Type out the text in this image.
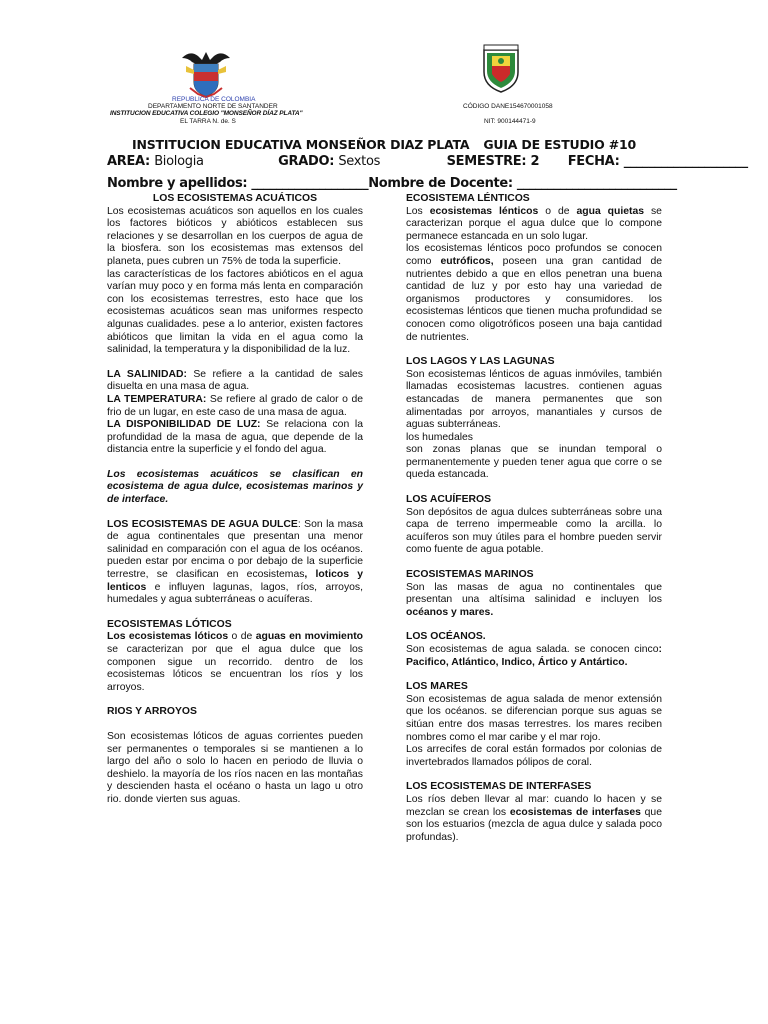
REPUBLICA DE COLOMBIA
DEPARTAMENTO NORTE DE SANTANDER
INSTITUCION EDUCATIVA COLEGIO "MONSEÑOR DÍAZ PLATA"
EL TARRA N. de. S
CÓDIGO DANE154670001058
NIT: 900144471-9
INSTITUCION EDUCATIVA MONSEÑOR DIAZ PLATA GUIA DE ESTUDIO #10
AREA: Biologia	GRADO: Sextos	SEMESTRE: 2 FECHA: ____________________
Nombre y apellidos: ___________________Nombre de Docente: __________________________

LOS ECOSISTEMAS ACUÁTICOS

Los ecosistemas acuáticos son aquellos en los cuales los factores bióticos y abióticos establecen sus relaciones y se desarrollan en los cuerpos de agua de la biosfera. son los ecosistemas mas extensos del planeta, pues cubren un 75% de toda la superficie.

las características de los factores abióticos en el agua varían muy poco y en forma más lenta en comparación con los ecosistemas terrestres, esto hace que los ecosistemas acuáticos sean mas uniformes respecto algunas cualidades. pese a lo anterior, existen factores abióticos que limitan la vida en el agua como la salinidad, la temperatura y la disponibilidad de la luz.

LA SALINIDAD: Se refiere a la cantidad de sales disuelta en una masa de agua.

LA TEMPERATURA: Se refiere al grado de calor o de frio de un lugar, en este caso de una masa de agua.

LA DISPONIBILIDAD DE LUZ: Se relaciona con la profundidad de la masa de agua, que depende de la distancia entre la superficie y el fondo del agua.

Los ecosistemas acuáticos se clasifican en ecosistema de agua dulce, ecosistemas marinos y de interface.

LOS ECOSISTEMAS DE AGUA DULCE: Son la masa de agua continentales que presentan una menor salinidad en comparación con el agua de los océanos. pueden estar por encima o por debajo de la superficie terrestre, se clasifican en ecosistemas, loticos y lenticos e influyen lagunas, lagos, ríos, arroyos, humedales y agua subterráneas o acuíferas.

ECOSISTEMAS LÓTICOS

Los ecosistemas lóticos o de aguas en movimiento se caracterizan por que el agua dulce que los componen sigue un recorrido. dentro de los ecosistemas lóticos se encuentran los ríos y los arroyos.

RIOS Y ARROYOS

Son ecosistemas lóticos de aguas corrientes pueden ser permanentes o temporales si se mantienen a lo largo del año o solo lo hacen en periodo de lluvia o deshielo. la mayoría de los ríos nacen en las montañas y descienden hasta el océano o hasta un lago u otro rio. donde vierten sus aguas.

ECOSISTEMA LÉNTICOS

Los ecosistemas lénticos o de agua quietas se caracterizan porque el agua dulce que lo compone permanece estancada en un solo lugar.

los ecosistemas lénticos poco profundos se conocen como eutróficos, poseen una gran cantidad de nutrientes debido a que en ellos penetran una buena cantidad de luz y por esto hay una variedad de organismos productores y consumidores. los ecosistemas lénticos que tienen mucha profundidad se conocen como oligotróficos poseen una baja cantidad de nutrientes.

LOS LAGOS Y LAS LAGUNAS

Son ecosistemas lénticos de aguas inmóviles, también llamadas ecosistemas lacustres. contienen aguas estancadas de manera permanentes que son alimentadas por arroyos, manantiales y cursos de aguas subterráneas.

los humedales

son zonas planas que se inundan temporal o permanentemente y pueden tener agua que corre o se queda estancada.

LOS ACUÍFEROS

Son depósitos de agua dulces subterráneas sobre una capa de terreno impermeable como la arcilla. lo acuíferos son muy útiles para el hombre pueden servir como fuente de agua potable.

ECOSISTEMAS MARINOS

Son las masas de agua no continentales que presentan una altísima salinidad e incluyen los océanos y mares.

LOS OCÉANOS.

Son ecosistemas de agua salada. se conocen cinco: Pacifico, Atlántico, Indico, Ártico y Antártico.

LOS MARES

Son ecosistemas de agua salada de menor extensión que los océanos. se diferencian porque sus aguas se sitúan entre dos masas terrestres. los mares reciben nombres como el mar caribe y el mar rojo.

Los arrecifes de coral están formados por colonias de invertebrados llamados pólipos de coral.

LOS ECOSISTEMAS DE INTERFASES

Los ríos deben llevar al mar: cuando lo hacen y se mezclan se crean los ecosistemas de interfases que son los estuarios (mezcla de agua dulce y salada poco profundas).
